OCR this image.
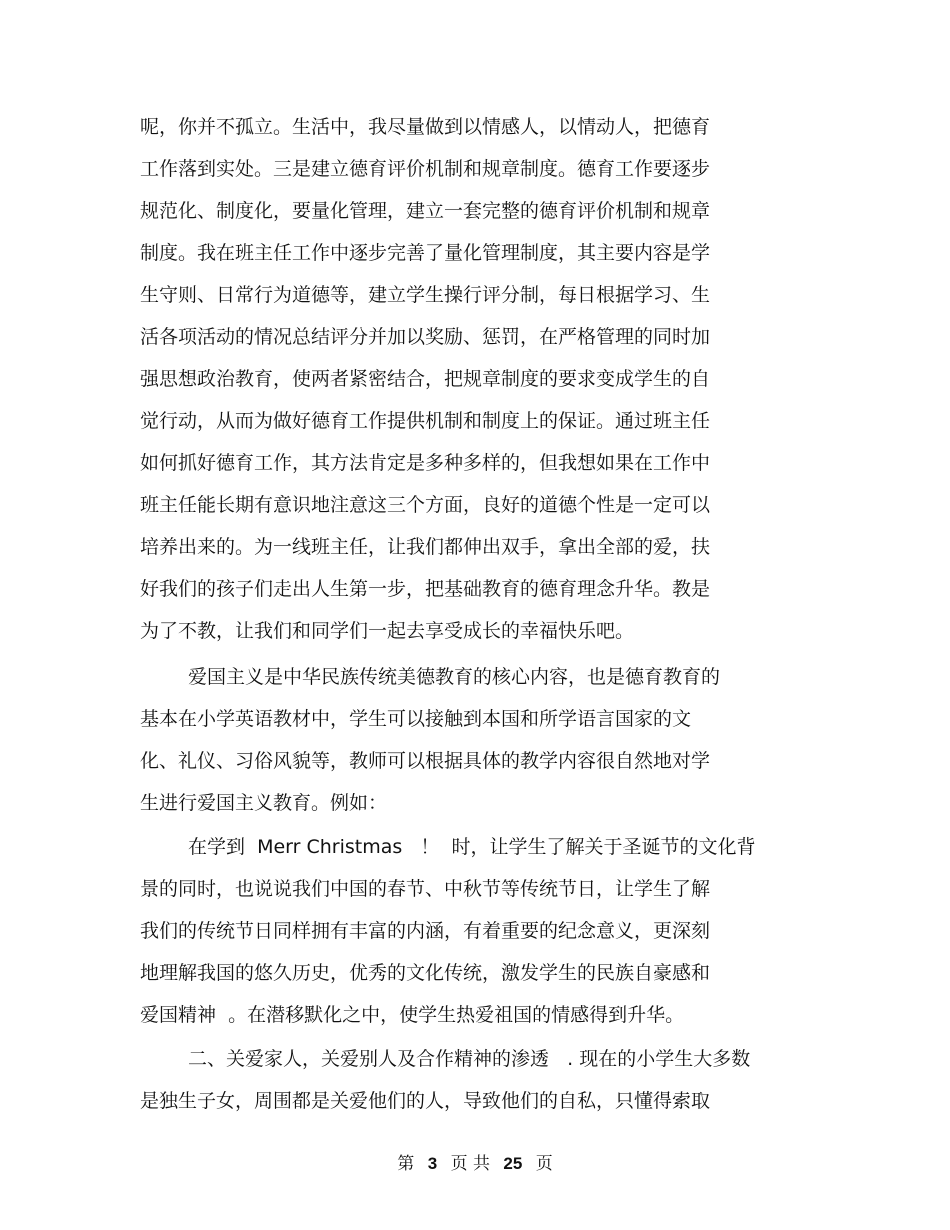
呢，你并不孤立。生活中，我尽量做到以情感人，以情动人，把德育
工作落到实处。三是建立德育评价机制和规章制度。德育工作要逐步
规范化、制度化，要量化管理，建立一套完整的德育评价机制和规章
制度。我在班主任工作中逐步完善了量化管理制度，其主要内容是学
生守则、日常行为道德等，建立学生操行评分制，每日根据学习、生
活各项活动的情况总结评分并加以奖励、惩罚，在严格管理的同时加
强思想政治教育，使两者紧密结合，把规章制度的要求变成学生的自
觉行动，从而为做好德育工作提供机制和制度上的保证。通过班主任
如何抓好德育工作，其方法肯定是多种多样的，但我想如果在工作中
班主任能长期有意识地注意这三个方面，良好的道德个性是一定可以
培养出来的。为一线班主任，让我们都伸出双手，拿出全部的爱，扶
好我们的孩子们走出人生第一步，把基础教育的德育理念升华。教是
为了不教，让我们和同学们一起去享受成长的幸福快乐吧。
爱国主义是中华民族传统美德教育的核心内容，也是德育教育的
基本在小学英语教材中，学生可以接触到本国和所学语言国家的文
化、礼仪、习俗风貌等，教师可以根据具体的教学内容很自然地对学
生进行爱国主义教育。例如：
在学到  Merr Christmas   ！  时，让学生了解关于圣诞节的文化背
景的同时，也说说我们中国的春节、中秋节等传统节日，让学生了解
我们的传统节日同样拥有丰富的内涵，有着重要的纪念意义，更深刻
地理解我国的悠久历史，优秀的文化传统，激发学生的民族自豪感和
爱国精神  。在潜移默化之中，使学生热爱祖国的情感得到升华。
二、关爱家人，关爱别人及合作精神的渗透   . 现在的小学生大多数
是独生子女，周围都是关爱他们的人，导致他们的自私，只懂得索取
第 3 页 共 25 页
